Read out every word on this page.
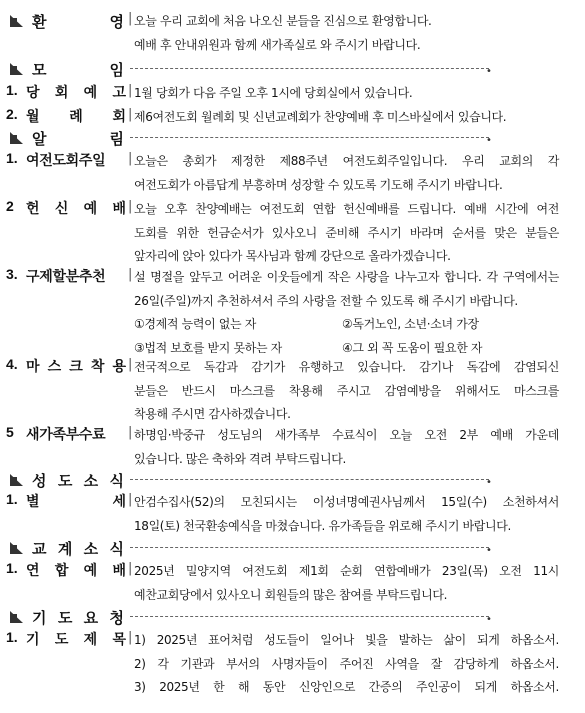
환	영 | 오늘 우리 교회에 처음 나오신 분들을 진심으로 환영합니다.
예배 후 안내위원과 함께 새가족실로 와 주시기 바랍니다.
모	임	•
1. 당 회 예 고 | 1월 당회가 다음 주일 오후 1시에 당회실에서 있습니다.
2. 월 례 회 | 제6여전도회 월례회 및 신년교례회가 찬양예배 후 미스바실에서 있습니다.
알	림	•
1. 여전도회주일	| 오늘은 총회가 제정한 제88주년 여전도회주일입니다. 우리 교회의 각
여전도회가 아름답게 부흥하며 성장할 수 있도록 기도해 주시기 바랍니다.
2 헌 신 예 배 | 오늘 오후 찬양예배는 여전도회 연합 헌신예배를 드립니다. 예배 시간에 여전
도회를 위한 헌금순서가 있사오니 준비해 주시기 바라며 순서를 맞은 분들은
앞자리에 앉아 있다가 목사님과 함께 강단으로 올라가겠습니다.
3. 구제할분추천	| 설 명절을 앞두고 어려운 이웃들에게 작은 사랑을 나누고자 합니다. 각 구역에서는
26일(주일)까지 추천하셔서 주의 사랑을 전할 수 있도록 해 주시기 바랍니다.
①경제적 능력이 없는 자	②독거노인, 소년·소녀 가장
③법적 보호를 받지 못하는 자	④그 외 꼭 도움이 필요한 자
4. 마 스 크 착 용 | 전국적으로 독감과 감기가 유행하고 있습니다. 감기나 독감에 감염되신
분들은 반드시 마스크를 착용해 주시고 감염예방을 위해서도 마스크를
착용해 주시면 감사하겠습니다.
5 새가족부수료	| 하명임·박중규 성도님의 새가족부 수료식이 오늘 오전 2부 예배 가운데
있습니다. 많은 축하와 격려 부탁드립니다.
성 도 소 식	•
1. 별	세 | 안검수집사(52)의 모친되시는 이성녀명예권사님께서 15일(수) 소천하셔서
18일(토) 천국환송예식을 마쳤습니다. 유가족들을 위로해 주시기 바랍니다.
교 계 소 식	•
1. 연 합 예 배 | 2025년 밀양지역 여전도회 제1회 순회 연합예배가 23일(목) 오전 11시
예찬교회당에서 있사오니 회원들의 많은 참여를 부탁드립니다.
기 도 요 청	•
1. 기 도 제 목 | 1) 2025년 표어처럼 성도들이 일어나 빛을 발하는 삶이 되게 하옵소서.
2) 각 기관과 부서의 사명자들이 주어진 사역을 잘 감당하게 하옵소서.
3) 2025년 한 해 동안 신앙인으로 간증의 주인공이 되게 하옵소서.
